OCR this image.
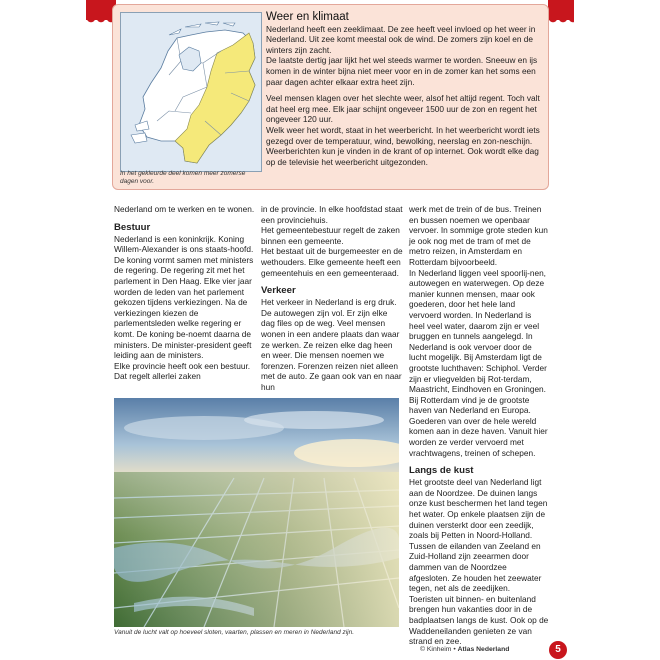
In het gekleurde deel komen meer zomerse dagen voor.
Weer en klimaat

Nederland heeft een zeeklimaat. De zee heeft veel invloed op het weer in Nederland. Uit zee komt meestal ook de wind. De zomers zijn koel en de winters zijn zacht.
De laatste dertig jaar lijkt het wel steeds warmer te worden. Sneeuw en ijs komen in de winter bijna niet meer voor en in de zomer kan het soms een paar dagen achter elkaar extra heet zijn.

Veel mensen klagen over het slechte weer, alsof het altijd regent. Toch valt dat heel erg mee. Elk jaar schijnt ongeveer 1500 uur de zon en regent het ongeveer 120 uur.
Welk weer het wordt, staat in het weerbericht. In het weerbericht wordt iets gezegd over de temperatuur, wind, bewolking, neerslag en zon-neschijn. Weerberichten kun je vinden in de krant of op internet. Ook wordt elke dag op de televisie het weerbericht uitgezonden.

Nederland om te werken en te wonen.

Bestuur

Nederland is een koninkrijk. Koning Willem-Alexander is ons staats-hoofd. De koning vormt samen met ministers de regering. De regering zit met het parlement in Den Haag. Elke vier jaar worden de leden van het parlement gekozen tijdens verkiezingen. Na de verkiezingen kiezen de parlementsleden welke regering er komt. De koning be-noemt daarna de ministers. De minister-president geeft leiding aan de ministers.
Elke provincie heeft ook een bestuur. Dat regelt allerlei zaken

in de provincie. In elke hoofdstad staat een provinciehuis.
Het gemeentebestuur regelt de zaken binnen een gemeente.
Het bestaat uit de burgemeester en de wethouders. Elke gemeente heeft een gemeentehuis en een gemeenteraad.

Verkeer

Het verkeer in Nederland is erg druk. De autowegen zijn vol. Er zijn elke dag files op de weg. Veel mensen wonen in een andere plaats dan waar ze werken. Ze reizen elke dag heen en weer. Die mensen noemen we forenzen. Forenzen reizen niet alleen met de auto. Ze gaan ook van en naar hun

werk met de trein of de bus. Treinen en bussen noemen we openbaar vervoer. In sommige grote steden kun je ook nog met de tram of met de metro reizen, in Amsterdam en Rotterdam bijvoorbeeld.
In Nederland liggen veel spoorlij-nen, autowegen en waterwegen. Op deze manier kunnen mensen, maar ook goederen, door het hele land vervoerd worden. In Nederland is heel veel water, daarom zijn er veel bruggen en tunnels aangelegd. In Nederland is ook vervoer door de lucht mogelijk. Bij Amsterdam ligt de grootste luchthaven: Schiphol. Verder zijn er vliegvelden bij Rot-terdam, Maastricht, Eindhoven en Groningen.
Bij Rotterdam vind je de grootste haven van Nederland en Europa. Goederen van over de hele wereld komen aan in deze haven. Vanuit hier worden ze verder vervoerd met vrachtwagens, treinen of schepen.

Langs de kust

Het grootste deel van Nederland ligt aan de Noordzee. De duinen langs onze kust beschermen het land tegen het water. Op enkele plaatsen zijn de duinen versterkt door een zeedijk, zoals bij Petten in Noord-Holland. Tussen de eilanden van Zeeland en Zuid-Holland zijn zeearmen door dammen van de Noordzee afgesloten. Ze houden het zeewater tegen, net als de zeedijken.
Toeristen uit binnen- en buitenland brengen hun vakanties door in de badplaatsen langs de kust. Ook op de Waddeneilanden genieten ze van strand en zee.

Vanuit de lucht valt op hoeveel sloten, vaarten, plassen en meren in Nederland zijn.
© Kinheim • Atlas Nederland	5
